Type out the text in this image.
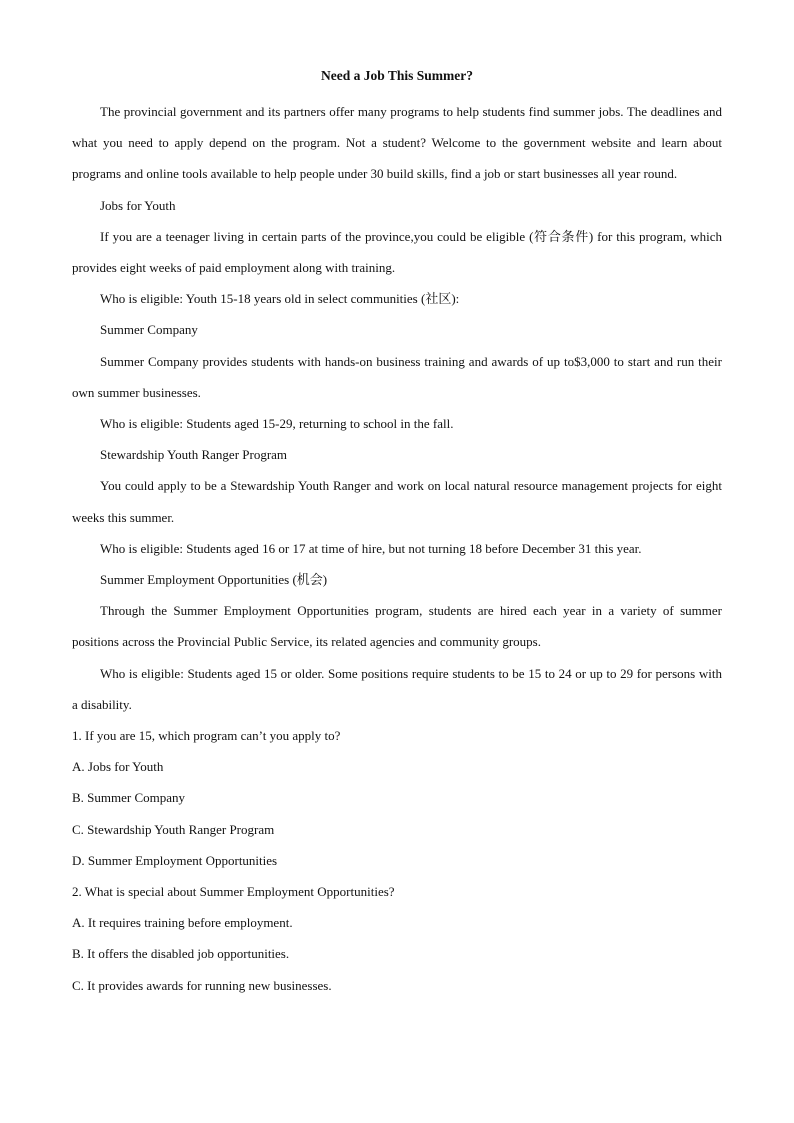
Need a Job This Summer?

The provincial government and its partners offer many programs to help students find summer jobs. The deadlines and what you need to apply depend on the program. Not a student? Welcome to the government website and learn about programs and online tools available to help people under 30 build skills, find a job or start businesses all year round.

Jobs for Youth

If you are a teenager living in certain parts of the province,you could be eligible (符合条件) for this program, which provides eight weeks of paid employment along with training.

Who is eligible: Youth 15-18 years old in select communities (社区):

Summer Company

Summer Company provides students with hands-on business training and awards of up to$3,000 to start and run their own summer businesses.

Who is eligible: Students aged 15-29, returning to school in the fall.

Stewardship Youth Ranger Program

You could apply to be a Stewardship Youth Ranger and work on local natural resource management projects for eight weeks this summer.

Who is eligible: Students aged 16 or 17 at time of hire, but not turning 18 before December 31 this year.

Summer Employment Opportunities (机会)

Through the Summer Employment Opportunities program, students are hired each year in a variety of summer positions across the Provincial Public Service, its related agencies and community groups.

Who is eligible: Students aged 15 or older. Some positions require students to be 15 to 24 or up to 29 for persons with a disability.

1. If you are 15, which program can’t you apply to?

A. Jobs for Youth

B. Summer Company

C. Stewardship Youth Ranger Program

D. Summer Employment Opportunities

2. What is special about Summer Employment Opportunities?

A. It requires training before employment.

B. It offers the disabled job opportunities.

C. It provides awards for running new businesses.
